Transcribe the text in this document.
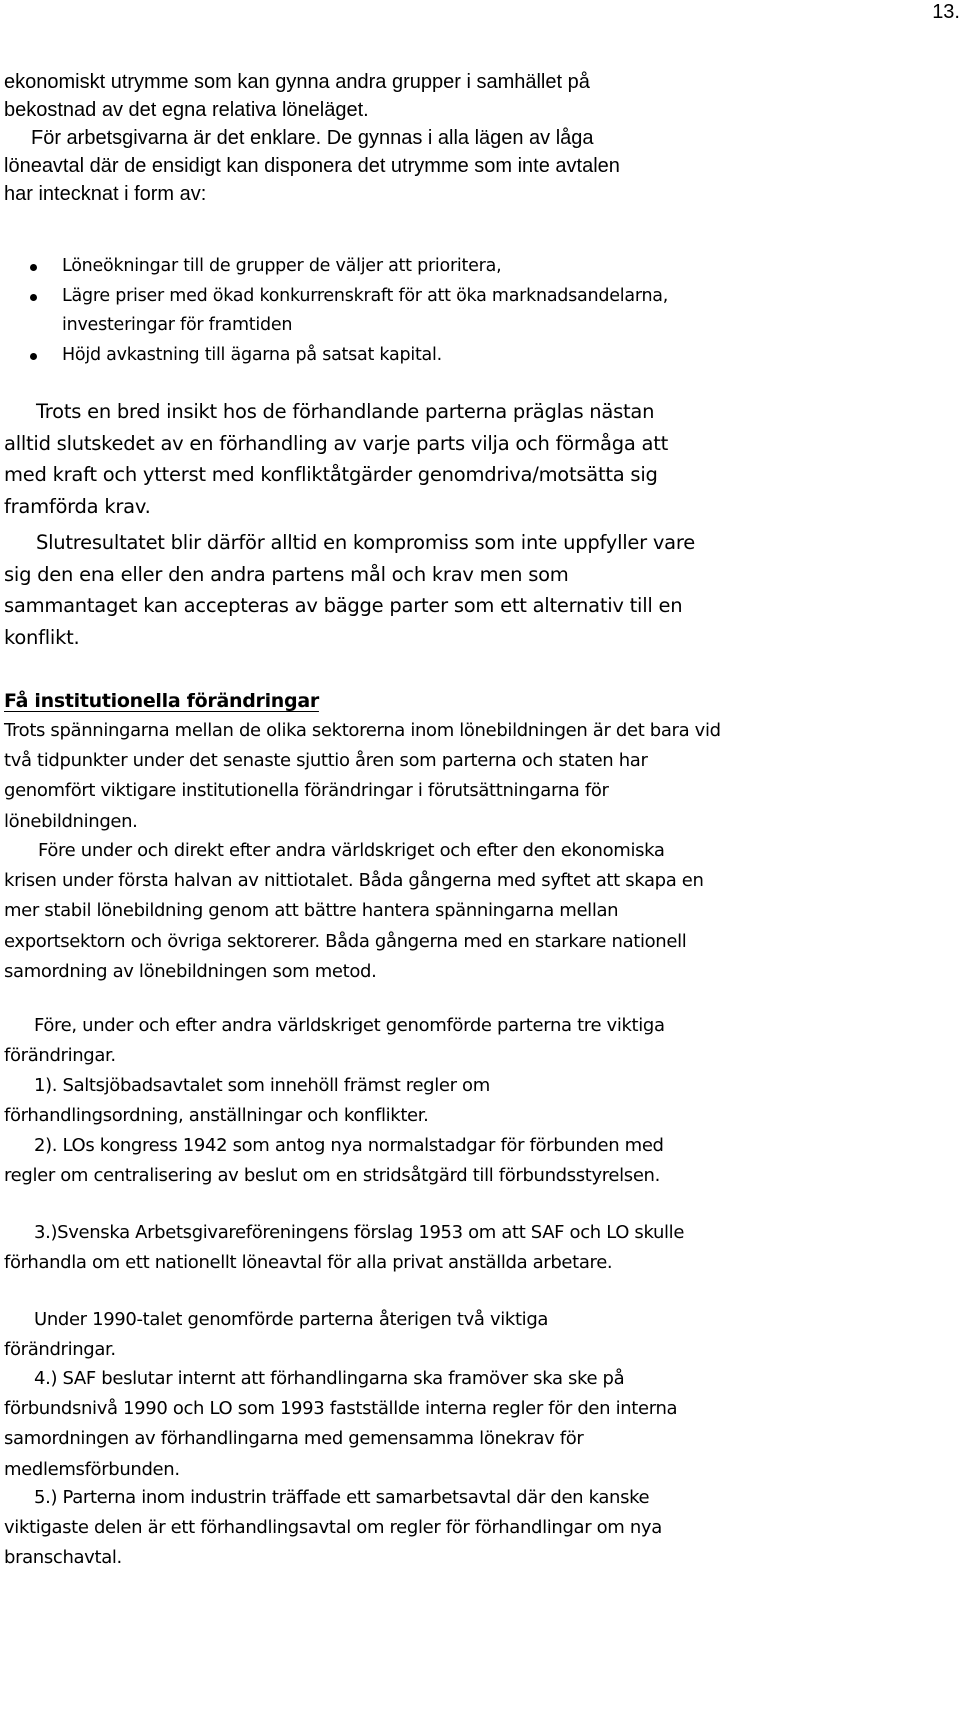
13.
ekonomiskt utrymme som kan gynna andra grupper i samhället på
bekostnad av det egna relativa löneläget.
För arbetsgivarna är det enklare. De gynnas i alla lägen av låga
löneavtal där de ensidigt kan disponera det utrymme som inte avtalen
har intecknat i form av:
Löneökningar till de grupper de väljer att prioritera,
Lägre priser med ökad konkurrenskraft för att öka marknadsandelarna, investeringar för framtiden
Höjd avkastning till ägarna på satsat kapital.

Trots en bred insikt hos de förhandlande parterna präglas nästan alltid slutskedet av en förhandling av varje parts vilja och förmåga att med kraft och ytterst med konfliktåtgärder genomdriva/motsätta sig framförda krav.

Slutresultatet blir därför alltid en kompromiss som inte uppfyller vare sig den ena eller den andra partens mål och krav men som sammantaget kan accepteras av bägge parter som ett alternativ till en konflikt.

Få institutionella förändringar

Trots spänningarna mellan de olika sektorerna inom lönebildningen är det bara vid två tidpunkter under det senaste sjuttio åren som parterna och staten har genomfört viktigare institutionella förändringar i förutsättningarna för lönebildningen.

Före under och direkt efter andra världskriget och efter den ekonomiska krisen under första halvan av nittiotalet. Båda gångerna med syftet att skapa en mer stabil lönebildning genom att bättre hantera spänningarna mellan exportsektorn och övriga sektorerer. Båda gångerna med en starkare nationell samordning av lönebildningen som metod.

Före, under och efter andra världskriget genomförde parterna tre viktiga förändringar.

1). Saltsjöbadsavtalet som innehöll främst regler om förhandlingsordning, anställningar och konflikter.

2). LOs kongress 1942 som antog nya normalstadgar för förbunden med regler om centralisering av beslut om en stridsåtgärd till förbundsstyrelsen.

3.)Svenska Arbetsgivareföreningens förslag 1953 om att SAF och LO skulle förhandla om ett nationellt löneavtal för alla privat anställda arbetare.

Under 1990-talet genomförde parterna återigen två viktiga förändringar.

4.) SAF beslutar internt att förhandlingarna ska framöver ska ske på förbundsnivå 1990 och LO som 1993 fastställde interna regler för den interna samordningen av förhandlingarna med gemensamma lönekrav för medlemsförbunden.

5.) Parterna inom industrin träffade ett samarbetsavtal där den kanske viktigaste delen är ett förhandlingsavtal om regler för förhandlingar om nya branschavtal.
